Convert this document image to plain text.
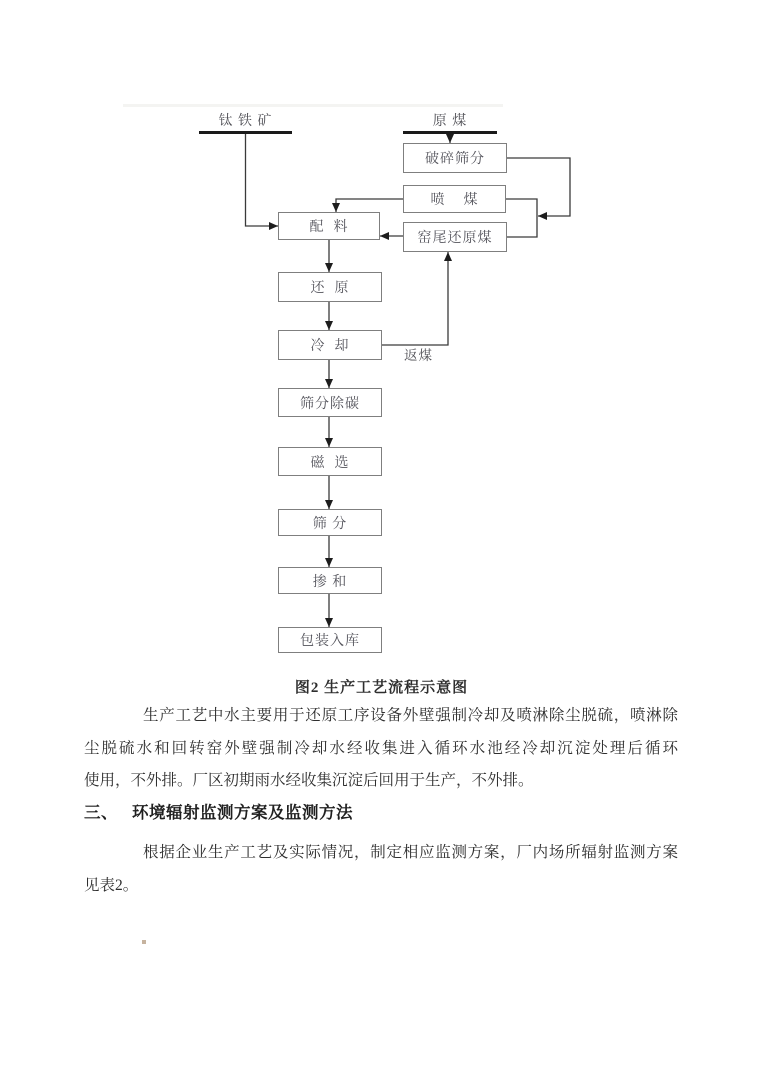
钛 铁 矿	原 煤
破碎筛分
喷    煤
窑尾还原煤
配  料
还  原
冷  却
筛分除碳
磁  选
筛 分
掺 和
包装入库
返煤
图2 生产工艺流程示意图
生产工艺中水主要用于还原工序设备外壁强制冷却及喷淋除尘脱硫，喷淋除
尘脱硫水和回转窑外壁强制冷却水经收集进入循环水池经冷却沉淀处理后循环
使用，不外排。厂区初期雨水经收集沉淀后回用于生产，不外排。
三、 环境辐射监测方案及监测方法
根据企业生产工艺及实际情况，制定相应监测方案，厂内场所辐射监测方案
见表2。
